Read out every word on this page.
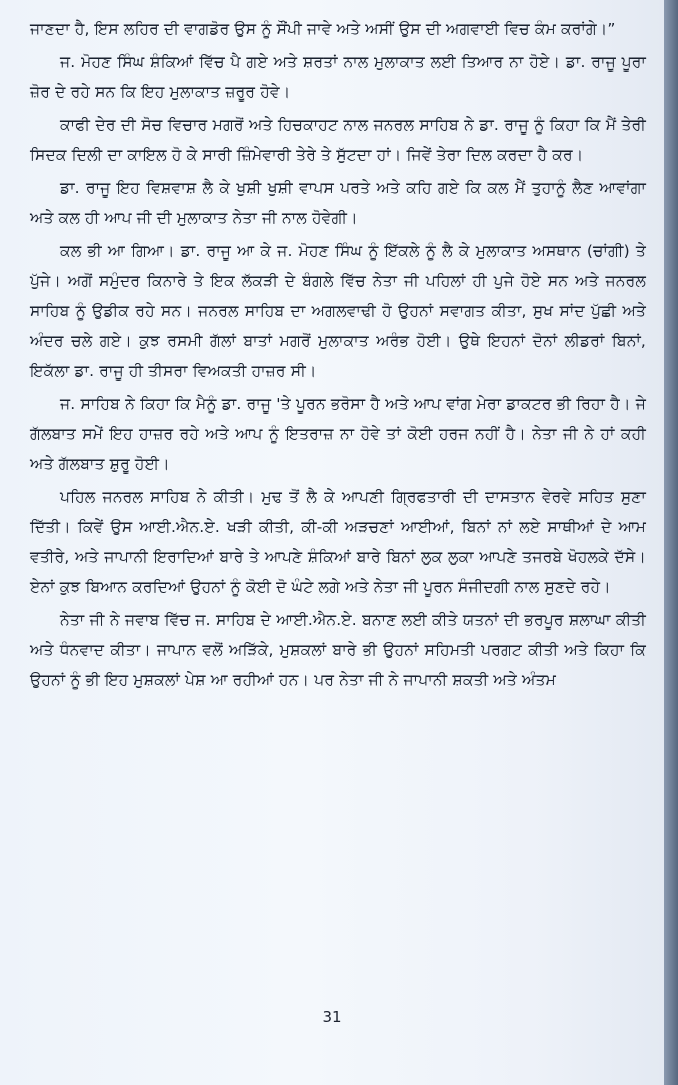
ਜਾਣਦਾ ਹੈ, ਇਸ ਲਹਿਰ ਦੀ ਵਾਗਡੋਰ ਉਸ ਨੂੰ ਸੌਂਪੀ ਜਾਵੇ ਅਤੇ ਅਸੀਂ ਉਸ ਦੀ ਅਗਵਾਈ ਵਿਚ ਕੰਮ ਕਰਾਂਗੇ।”

ਜ. ਮੋਹਣ ਸਿੰਘ ਸ਼ੰਕਿਆਂ ਵਿੱਚ ਪੈ ਗਏ ਅਤੇ ਸ਼ਰਤਾਂ ਨਾਲ ਮੁਲਾਕਾਤ ਲਈ ਤਿਆਰ ਨਾ ਹੋਏ। ਡਾ. ਰਾਜੂ ਪੂਰਾ ਜ਼ੋਰ ਦੇ ਰਹੇ ਸਨ ਕਿ ਇਹ ਮੁਲਾਕਾਤ ਜ਼ਰੂਰ ਹੋਵੇ।

ਕਾਫੀ ਦੇਰ ਦੀ ਸੋਚ ਵਿਚਾਰ ਮਗਰੋਂ ਅਤੇ ਹਿਚਕਾਹਟ ਨਾਲ ਜਨਰਲ ਸਾਹਿਬ ਨੇ ਡਾ. ਰਾਜੂ ਨੂੰ ਕਿਹਾ ਕਿ ਮੈਂ ਤੇਰੀ ਸਿਦਕ ਦਿਲੀ ਦਾ ਕਾਇਲ ਹੋ ਕੇ ਸਾਰੀ ਜ਼ਿੰਮੇਵਾਰੀ ਤੇਰੇ ਤੇ ਸੁੱਟਦਾ ਹਾਂ। ਜਿਵੇਂ ਤੇਰਾ ਦਿਲ ਕਰਦਾ ਹੈ ਕਰ।

ਡਾ. ਰਾਜੂ ਇਹ ਵਿਸ਼ਵਾਸ਼ ਲੈ ਕੇ ਖੁਸ਼ੀ ਖੁਸ਼ੀ ਵਾਪਸ ਪਰਤੇ ਅਤੇ ਕਹਿ ਗਏ ਕਿ ਕਲ ਮੈਂ ਤੁਹਾਨੂੰ ਲੈਣ ਆਵਾਂਗਾ ਅਤੇ ਕਲ ਹੀ ਆਪ ਜੀ ਦੀ ਮੁਲਾਕਾਤ ਨੇਤਾ ਜੀ ਨਾਲ ਹੋਵੇਗੀ।

ਕਲ ਭੀ ਆ ਗਿਆ। ਡਾ. ਰਾਜੂ ਆ ਕੇ ਜ. ਮੋਹਣ ਸਿੰਘ ਨੂੰ ਇੱਕਲੇ ਨੂੰ ਲੈ ਕੇ ਮੁਲਾਕਾਤ ਅਸਥਾਨ (ਚਾਂਗੀ) ਤੇ ਪੁੱਜੇ। ਅਗੋਂ ਸਮੁੰਦਰ ਕਿਨਾਰੇ ਤੇ ਇਕ ਲੱਕੜੀ ਦੇ ਬੰਗਲੇ ਵਿੱਚ ਨੇਤਾ ਜੀ ਪਹਿਲਾਂ ਹੀ ਪੁਜੇ ਹੋਏ ਸਨ ਅਤੇ ਜਨਰਲ ਸਾਹਿਬ ਨੂੰ ਉਡੀਕ ਰਹੇ ਸਨ। ਜਨਰਲ ਸਾਹਿਬ ਦਾ ਅਗਲਵਾਢੀ ਹੋ ਉਹਨਾਂ ਸਵਾਗਤ ਕੀਤਾ, ਸੁਖ ਸਾਂਦ ਪੁੱਛੀ ਅਤੇ ਅੰਦਰ ਚਲੇ ਗਏ। ਕੁਝ ਰਸਮੀ ਗੱਲਾਂ ਬਾਤਾਂ ਮਗਰੋਂ ਮੁਲਾਕਾਤ ਅਰੰਭ ਹੋਈ। ਉਥੇ ਇਹਨਾਂ ਦੋਨਾਂ ਲੀਡਰਾਂ ਬਿਨਾਂ, ਇਕੱਲਾ ਡਾ. ਰਾਜੂ ਹੀ ਤੀਸਰਾ ਵਿਅਕਤੀ ਹਾਜ਼ਰ ਸੀ।

ਜ. ਸਾਹਿਬ ਨੇ ਕਿਹਾ ਕਿ ਮੈਨੂੰ ਡਾ. ਰਾਜੂ 'ਤੇ ਪੂਰਨ ਭਰੋਸਾ ਹੈ ਅਤੇ ਆਪ ਵਾਂਗ ਮੇਰਾ ਡਾਕਟਰ ਭੀ ਰਿਹਾ ਹੈ। ਜੇ ਗੱਲਬਾਤ ਸਮੇਂ ਇਹ ਹਾਜ਼ਰ ਰਹੇ ਅਤੇ ਆਪ ਨੂੰ ਇਤਰਾਜ਼ ਨਾ ਹੋਵੇ ਤਾਂ ਕੋਈ ਹਰਜ ਨਹੀਂ ਹੈ। ਨੇਤਾ ਜੀ ਨੇ ਹਾਂ ਕਹੀ ਅਤੇ ਗੱਲਬਾਤ ਸ਼ੁਰੂ ਹੋਈ।

ਪਹਿਲ ਜਨਰਲ ਸਾਹਿਬ ਨੇ ਕੀਤੀ। ਮੁਢ ਤੋਂ ਲੈ ਕੇ ਆਪਣੀ ਗ੍ਰਿਫਤਾਰੀ ਦੀ ਦਾਸਤਾਨ ਵੇਰਵੇ ਸਹਿਤ ਸੁਣਾ ਦਿੱਤੀ। ਕਿਵੇਂ ਉਸ ਆਈ.ਐਨ.ਏ. ਖੜੀ ਕੀਤੀ, ਕੀ-ਕੀ ਅੜਚਣਾਂ ਆਈਆਂ, ਬਿਨਾਂ ਨਾਂ ਲਏ ਸਾਥੀਆਂ ਦੇ ਆਮ ਵਤੀਰੇ, ਅਤੇ ਜਾਪਾਨੀ ਇਰਾਦਿਆਂ ਬਾਰੇ ਤੇ ਆਪਣੇ ਸ਼ੰਕਿਆਂ ਬਾਰੇ ਬਿਨਾਂ ਲੁਕ ਲੁਕਾ ਆਪਣੇ ਤਜਰਬੇ ਖੋਹਲਕੇ ਦੱਸੇ। ਏਨਾਂ ਕੁਝ ਬਿਆਨ ਕਰਦਿਆਂ ਉਹਨਾਂ ਨੂੰ ਕੋਈ ਦੋ ਘੰਟੇ ਲਗੇ ਅਤੇ ਨੇਤਾ ਜੀ ਪੂਰਨ ਸੰਜੀਦਗੀ ਨਾਲ ਸੁਣਦੇ ਰਹੇ।

ਨੇਤਾ ਜੀ ਨੇ ਜਵਾਬ ਵਿੱਚ ਜ. ਸਾਹਿਬ ਦੇ ਆਈ.ਐਨ.ਏ. ਬਨਾਣ ਲਈ ਕੀਤੇ ਯਤਨਾਂ ਦੀ ਭਰਪੂਰ ਸ਼ਲਾਘਾ ਕੀਤੀ ਅਤੇ ਧੰਨਵਾਦ ਕੀਤਾ। ਜਾਪਾਨ ਵਲੋਂ ਅੜਿੱਕੇ, ਮੁਸ਼ਕਲਾਂ ਬਾਰੇ ਭੀ ਉਹਨਾਂ ਸਹਿਮਤੀ ਪਰਗਟ ਕੀਤੀ ਅਤੇ ਕਿਹਾ ਕਿ ਉਹਨਾਂ ਨੂੰ ਭੀ ਇਹ ਮੁਸ਼ਕਲਾਂ ਪੇਸ਼ ਆ ਰਹੀਆਂ ਹਨ। ਪਰ ਨੇਤਾ ਜੀ ਨੇ ਜਾਪਾਨੀ ਸ਼ਕਤੀ ਅਤੇ ਅੰਤਮ

31
